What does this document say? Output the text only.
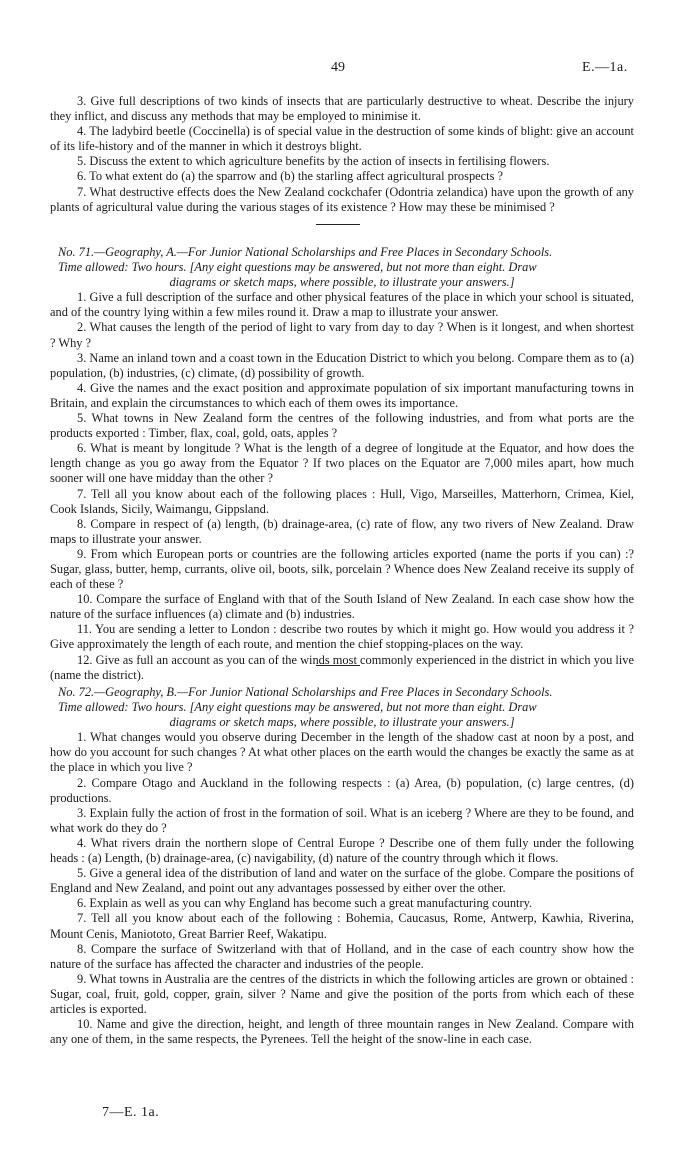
49	E.—1a.

3. Give full descriptions of two kinds of insects that are particularly destructive to wheat. Describe the injury they inflict, and discuss any methods that may be employed to minimise it.

4. The ladybird beetle (Coccinella) is of special value in the destruction of some kinds of blight: give an account of its life-history and of the manner in which it destroys blight.

5. Discuss the extent to which agriculture benefits by the action of insects in fertilising flowers.

6. To what extent do (a) the sparrow and (b) the starling affect agricultural prospects ?

7. What destructive effects does the New Zealand cockchafer (Odontria zelandica) have upon the growth of any plants of agricultural value during the various stages of its existence ? How may these be minimised ?

No. 71.—Geography, A.—For Junior National Scholarships and Free Places in Secondary Schools.

Time allowed: Two hours. [Any eight questions may be answered, but not more than eight. Draw

diagrams or sketch maps, where possible, to illustrate your answers.]

1. Give a full description of the surface and other physical features of the place in which your school is situated, and of the country lying within a few miles round it. Draw a map to illustrate your answer.

2. What causes the length of the period of light to vary from day to day ? When is it longest, and when shortest ? Why ?

3. Name an inland town and a coast town in the Education District to which you belong. Compare them as to (a) population, (b) industries, (c) climate, (d) possibility of growth.

4. Give the names and the exact position and approximate population of six important manufacturing towns in Britain, and explain the circumstances to which each of them owes its importance.

5. What towns in New Zealand form the centres of the following industries, and from what ports are the products exported : Timber, flax, coal, gold, oats, apples ?

6. What is meant by longitude ? What is the length of a degree of longitude at the Equator, and how does the length change as you go away from the Equator ? If two places on the Equator are 7,000 miles apart, how much sooner will one have midday than the other ?

7. Tell all you know about each of the following places : Hull, Vigo, Marseilles, Matterhorn, Crimea, Kiel, Cook Islands, Sicily, Waimangu, Gippsland.

8. Compare in respect of (a) length, (b) drainage-area, (c) rate of flow, any two rivers of New Zealand. Draw maps to illustrate your answer.

9. From which European ports or countries are the following articles exported (name the ports if you can) :? Sugar, glass, butter, hemp, currants, olive oil, boots, silk, porcelain ? Whence does New Zealand receive its supply of each of these ?

10. Compare the surface of England with that of the South Island of New Zealand. In each case show how the nature of the surface influences (a) climate and (b) industries.

11. You are sending a letter to London : describe two routes by which it might go. How would you address it ? Give approximately the length of each route, and mention the chief stopping-places on the way.

12. Give as full an account as you can of the winds most commonly experienced in the district in which you live (name the district).

No. 72.—Geography, B.—For Junior National Scholarships and Free Places in Secondary Schools.

Time allowed: Two hours. [Any eight questions may be answered, but not more than eight. Draw

diagrams or sketch maps, where possible, to illustrate your answers.]

1. What changes would you observe during December in the length of the shadow cast at noon by a post, and how do you account for such changes ? At what other places on the earth would the changes be exactly the same as at the place in which you live ?

2. Compare Otago and Auckland in the following respects : (a) Area, (b) population, (c) large centres, (d) productions.

3. Explain fully the action of frost in the formation of soil. What is an iceberg ? Where are they to be found, and what work do they do ?

4. What rivers drain the northern slope of Central Europe ? Describe one of them fully under the following heads : (a) Length, (b) drainage-area, (c) navigability, (d) nature of the country through which it flows.

5. Give a general idea of the distribution of land and water on the surface of the globe. Compare the positions of England and New Zealand, and point out any advantages possessed by either over the other.

6. Explain as well as you can why England has become such a great manufacturing country.

7. Tell all you know about each of the following : Bohemia, Caucasus, Rome, Antwerp, Kawhia, Riverina, Mount Cenis, Maniototo, Great Barrier Reef, Wakatipu.

8. Compare the surface of Switzerland with that of Holland, and in the case of each country show how the nature of the surface has affected the character and industries of the people.

9. What towns in Australia are the centres of the districts in which the following articles are grown or obtained : Sugar, coal, fruit, gold, copper, grain, silver ? Name and give the position of the ports from which each of these articles is exported.

10. Name and give the direction, height, and length of three mountain ranges in New Zealand. Compare with any one of them, in the same respects, the Pyrenees. Tell the height of the snow-line in each case.

7—E. 1a.
